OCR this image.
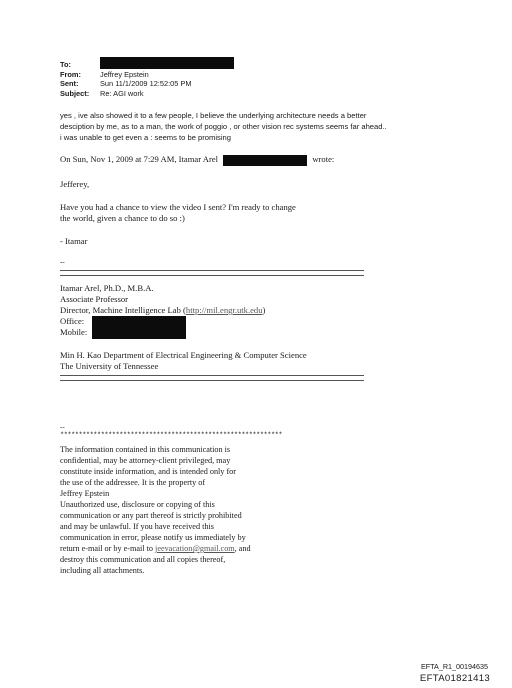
To:
From:	Jeffrey Epstein
Sent:	Sun 11/1/2009 12:52:05 PM
Subject:	Re: AGI work
yes , ive also showed it to a few people, I believe the underlying architecture needs a better
desciption by me, as to a man, the work of poggio , or other vision rec systems seems far ahead..
i was unable to get even a : seems to be promising
On Sun, Nov 1, 2009 at 7:29 AM, Itamar Arel	wrote:
Jefferey,
Have you had a chance to view the video I sent? I'm ready to change
the world, given a chance to do so :)
- Itamar
--
Itamar Arel, Ph.D., M.B.A.
Associate Professor
Director, Machine Intelligence Lab (http://mil.engr.utk.edu)
Office:
Mobile:
Min H. Kao Department of Electrical Engineering & Computer Science
The University of Tennessee
--
************************************************************
The information contained in this communication is
confidential, may be attorney-client privileged, may
constitute inside information, and is intended only for
the use of the addressee. It is the property of
Jeffrey Epstein
Unauthorized use, disclosure or copying of this
communication or any part thereof is strictly prohibited
and may be unlawful. If you have received this
communication in error, please notify us immediately by
return e-mail or by e-mail to jeevacation@gmail.com, and
destroy this communication and all copies thereof,
including all attachments.
EFTA_R1_00194635
EFTA01821413
